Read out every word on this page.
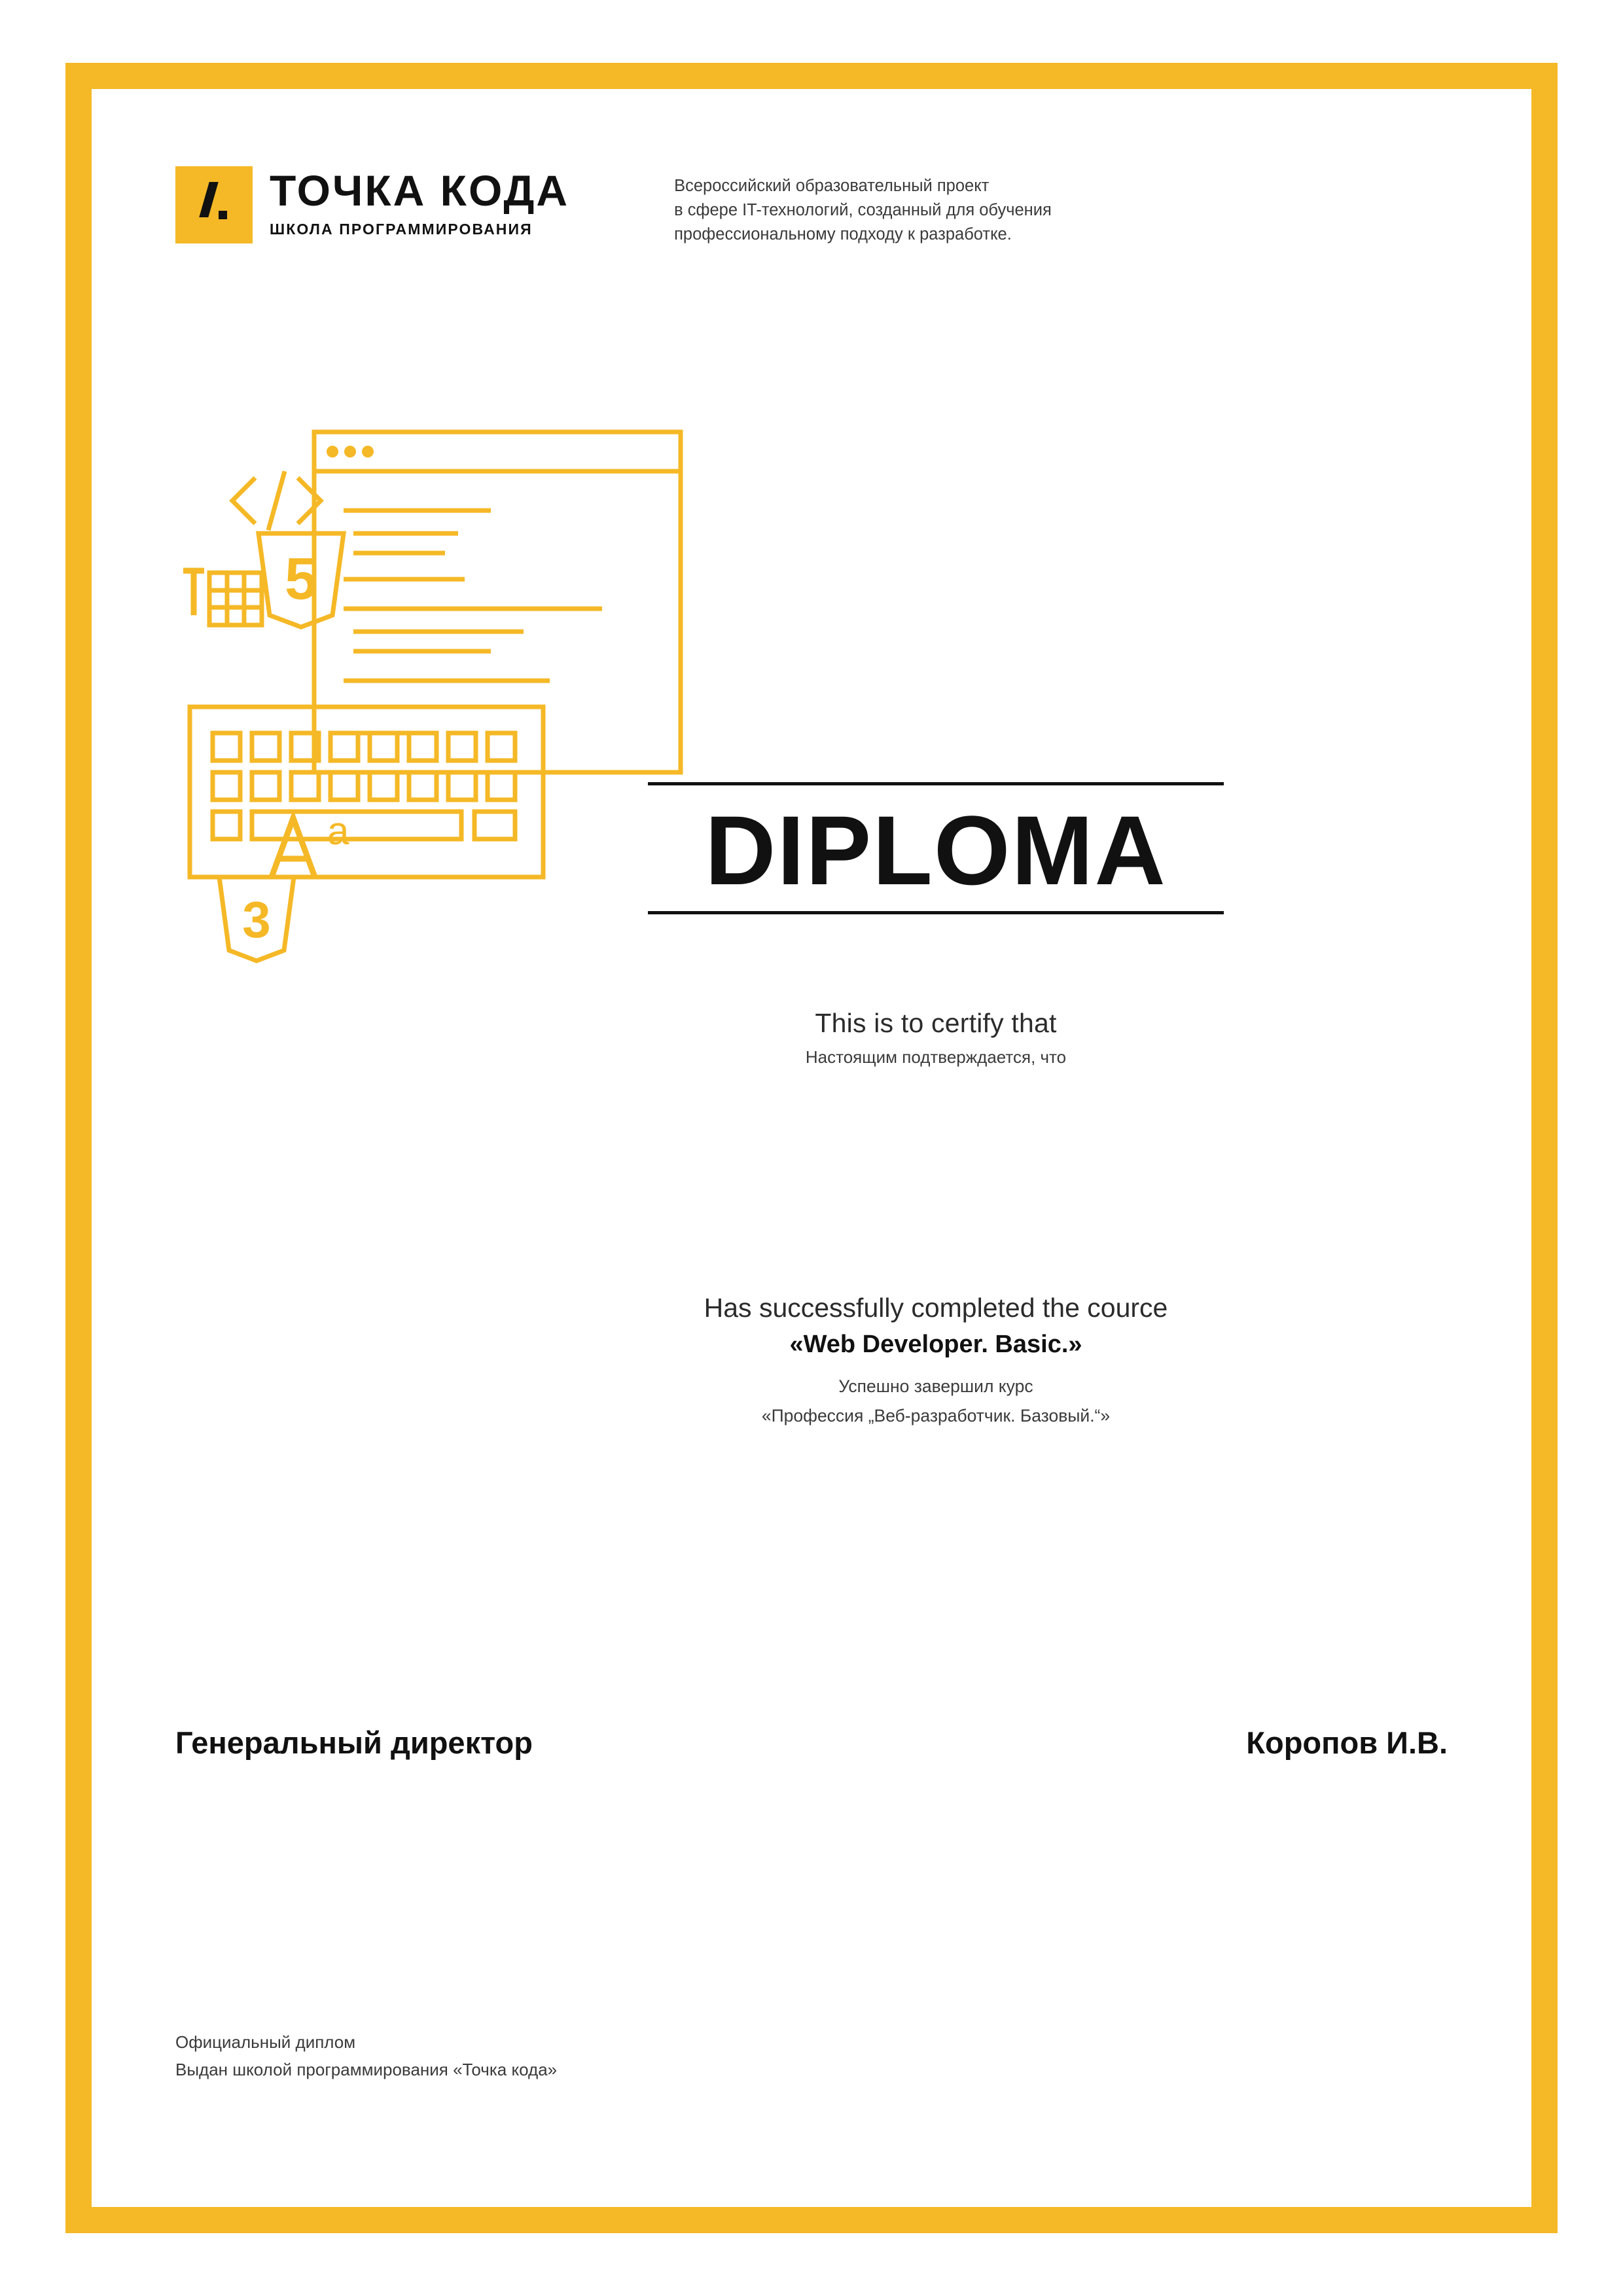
ТОЧКА КОДА
ШКОЛА ПРОГРАММИРОВАНИЯ
Всероссийский образовательный проект
в сфере IT-технологий, созданный для обучения
профессиональному подходу к разработке.
5
3
a	DIPLOMA
This is to certify that
Настоящим подтверждается, что
Has successfully completed the cource
«Web Developer. Basic.»
Успешно завершил курс
«Профессия „Веб-разработчик. Базовый.“»
Генеральный директор	Коропов И.В.
Официальный диплом
Выдан школой программирования «Точка кода»
